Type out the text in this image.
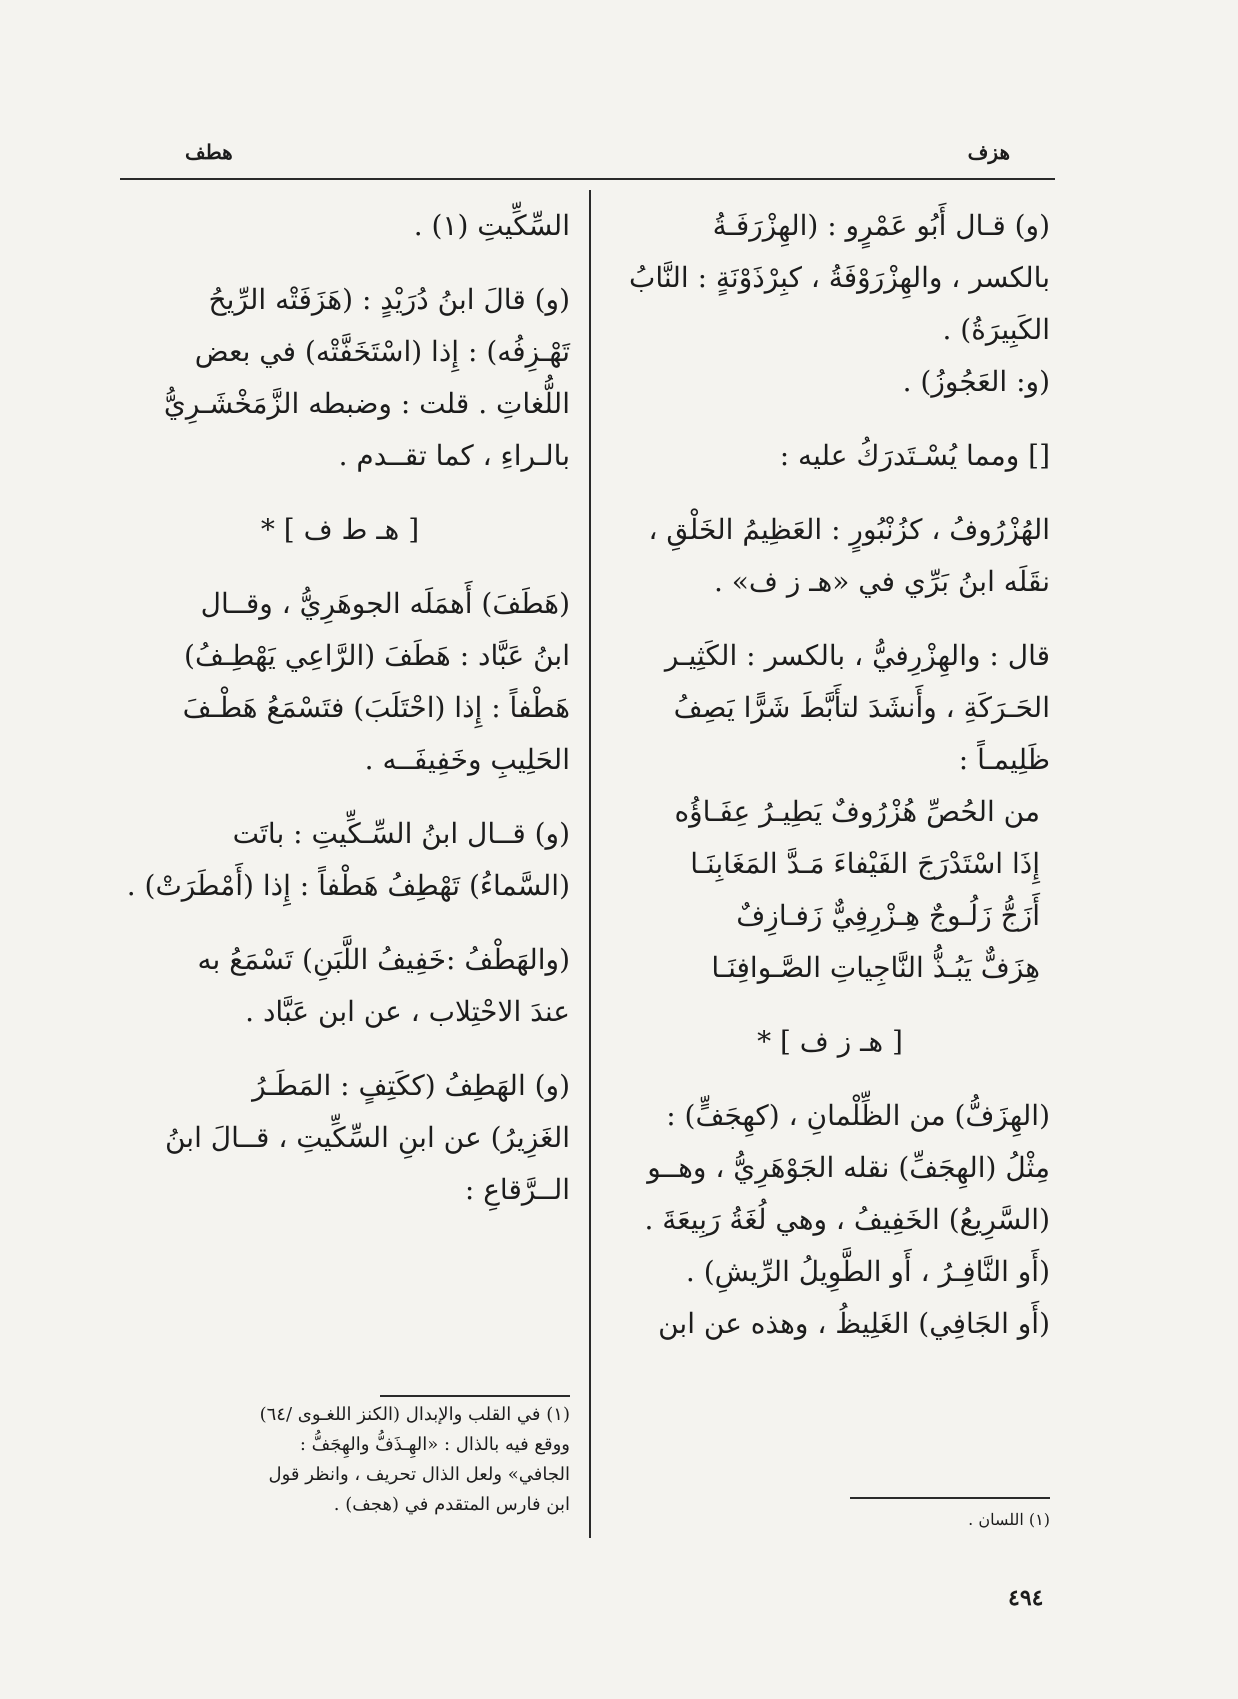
هزف
هطف

(و) قـال أَبُو عَمْرٍو : (الهِزْرَفَـةُ

بالكسر ، والهِزْرَوْفَةُ ، كبِرْذَوْنَةٍ : النَّابُ

الكَبِيرَةُ) .

(و: العَجُوزُ) .

[] ومما يُسْـتَدرَكُ عليه :

الهُزْرُوفُ ، كزُنْبُورٍ : العَظِيمُ الخَلْقِ ،

نقَلَه ابنُ بَرِّي في «هـ ز ف» .

قال : والهِزْرِفيُّ ، بالكسر : الكَثِيـر

الحَـرَكَةِ ، وأَنشَدَ لتأَبَّطَ شَرًّا يَصِفُ

ظَلِيمـاً :

من الحُصِّ هُزْرُوفٌ يَطِيـرُ عِفَـاؤُه

إِذَا اسْتَدْرَجَ الفَيْفاءَ مَـدَّ المَغَابِنَـا

أَزَجُّ زَلُـوجٌ هِـزْرِفِيٌّ زَفـازِفٌ

هِزَفٌّ يَبُـذُّ النَّاجِياتِ الصَّـوافِنَـا

[ هـ ز ف ] *

(الهِزَفُّ) من الظِّلْمانِ ، (كهِجَفٍّ) :

مِثْلُ (الهِجَفِّ) نقله الجَوْهَرِيُّ ، وهــو

(السَّرِيعُ) الخَفِيفُ ، وهي لُغَةُ رَبِيعَةَ .

(أَو النَّافِـرُ ، أَو الطَّوِيلُ الرِّيشِ) .

(أَو الجَافِي) الغَلِيظُ ، وهذه عن ابن

السِّكِّيتِ (١) .

(و) قالَ ابنُ دُرَيْدٍ : (هَزَفَتْه الرِّيحُ

تَهْـزِفُه) : إِذا (اسْتَخَفَّتْه) في بعض

اللُّغاتِ . قلت : وضبطه الزَّمَخْشَـرِيُّ

بالـراءِ ، كما تقــدم .

[ هـ ط ف ] *

(هَطَفَ) أَهمَلَه الجوهَرِيُّ ، وقــال

ابنُ عَبَّاد : هَطَفَ (الرَّاعِي يَهْطِـفُ)

هَطْفاً : إِذا (احْتَلَبَ) فتَسْمَعُ هَطْـفَ

الحَلِيبِ وخَفِيفَــه .

(و) قــال ابنُ السِّـكِّيتِ : باتَت

(السَّماءُ) تَهْطِفُ هَطْفاً : إِذا (أَمْطَرَتْ) .

(والهَطْفُ :خَفِيفُ اللَّبَنِ) تَسْمَعُ به

عندَ الاحْتِلاب ، عن ابن عَبَّاد .

(و) الهَطِفُ (ككَتِفٍ : المَطَـرُ

الغَزِيرُ) عن ابنِ السِّكِّيتِ ، قــالَ ابنُ

الــرَّقاعِ :

(١) في القلب والإبدال (الكنز اللغـوى /٦٤)

ووقع فيه بالذال : «الهِـذَفُّ والهِجَفُّ :

الجافي» ولعل الذال تحريف ، وانظر قول

ابن فارس المتقدم في (هجف) .

(١) اللسان .

٤٩٤
